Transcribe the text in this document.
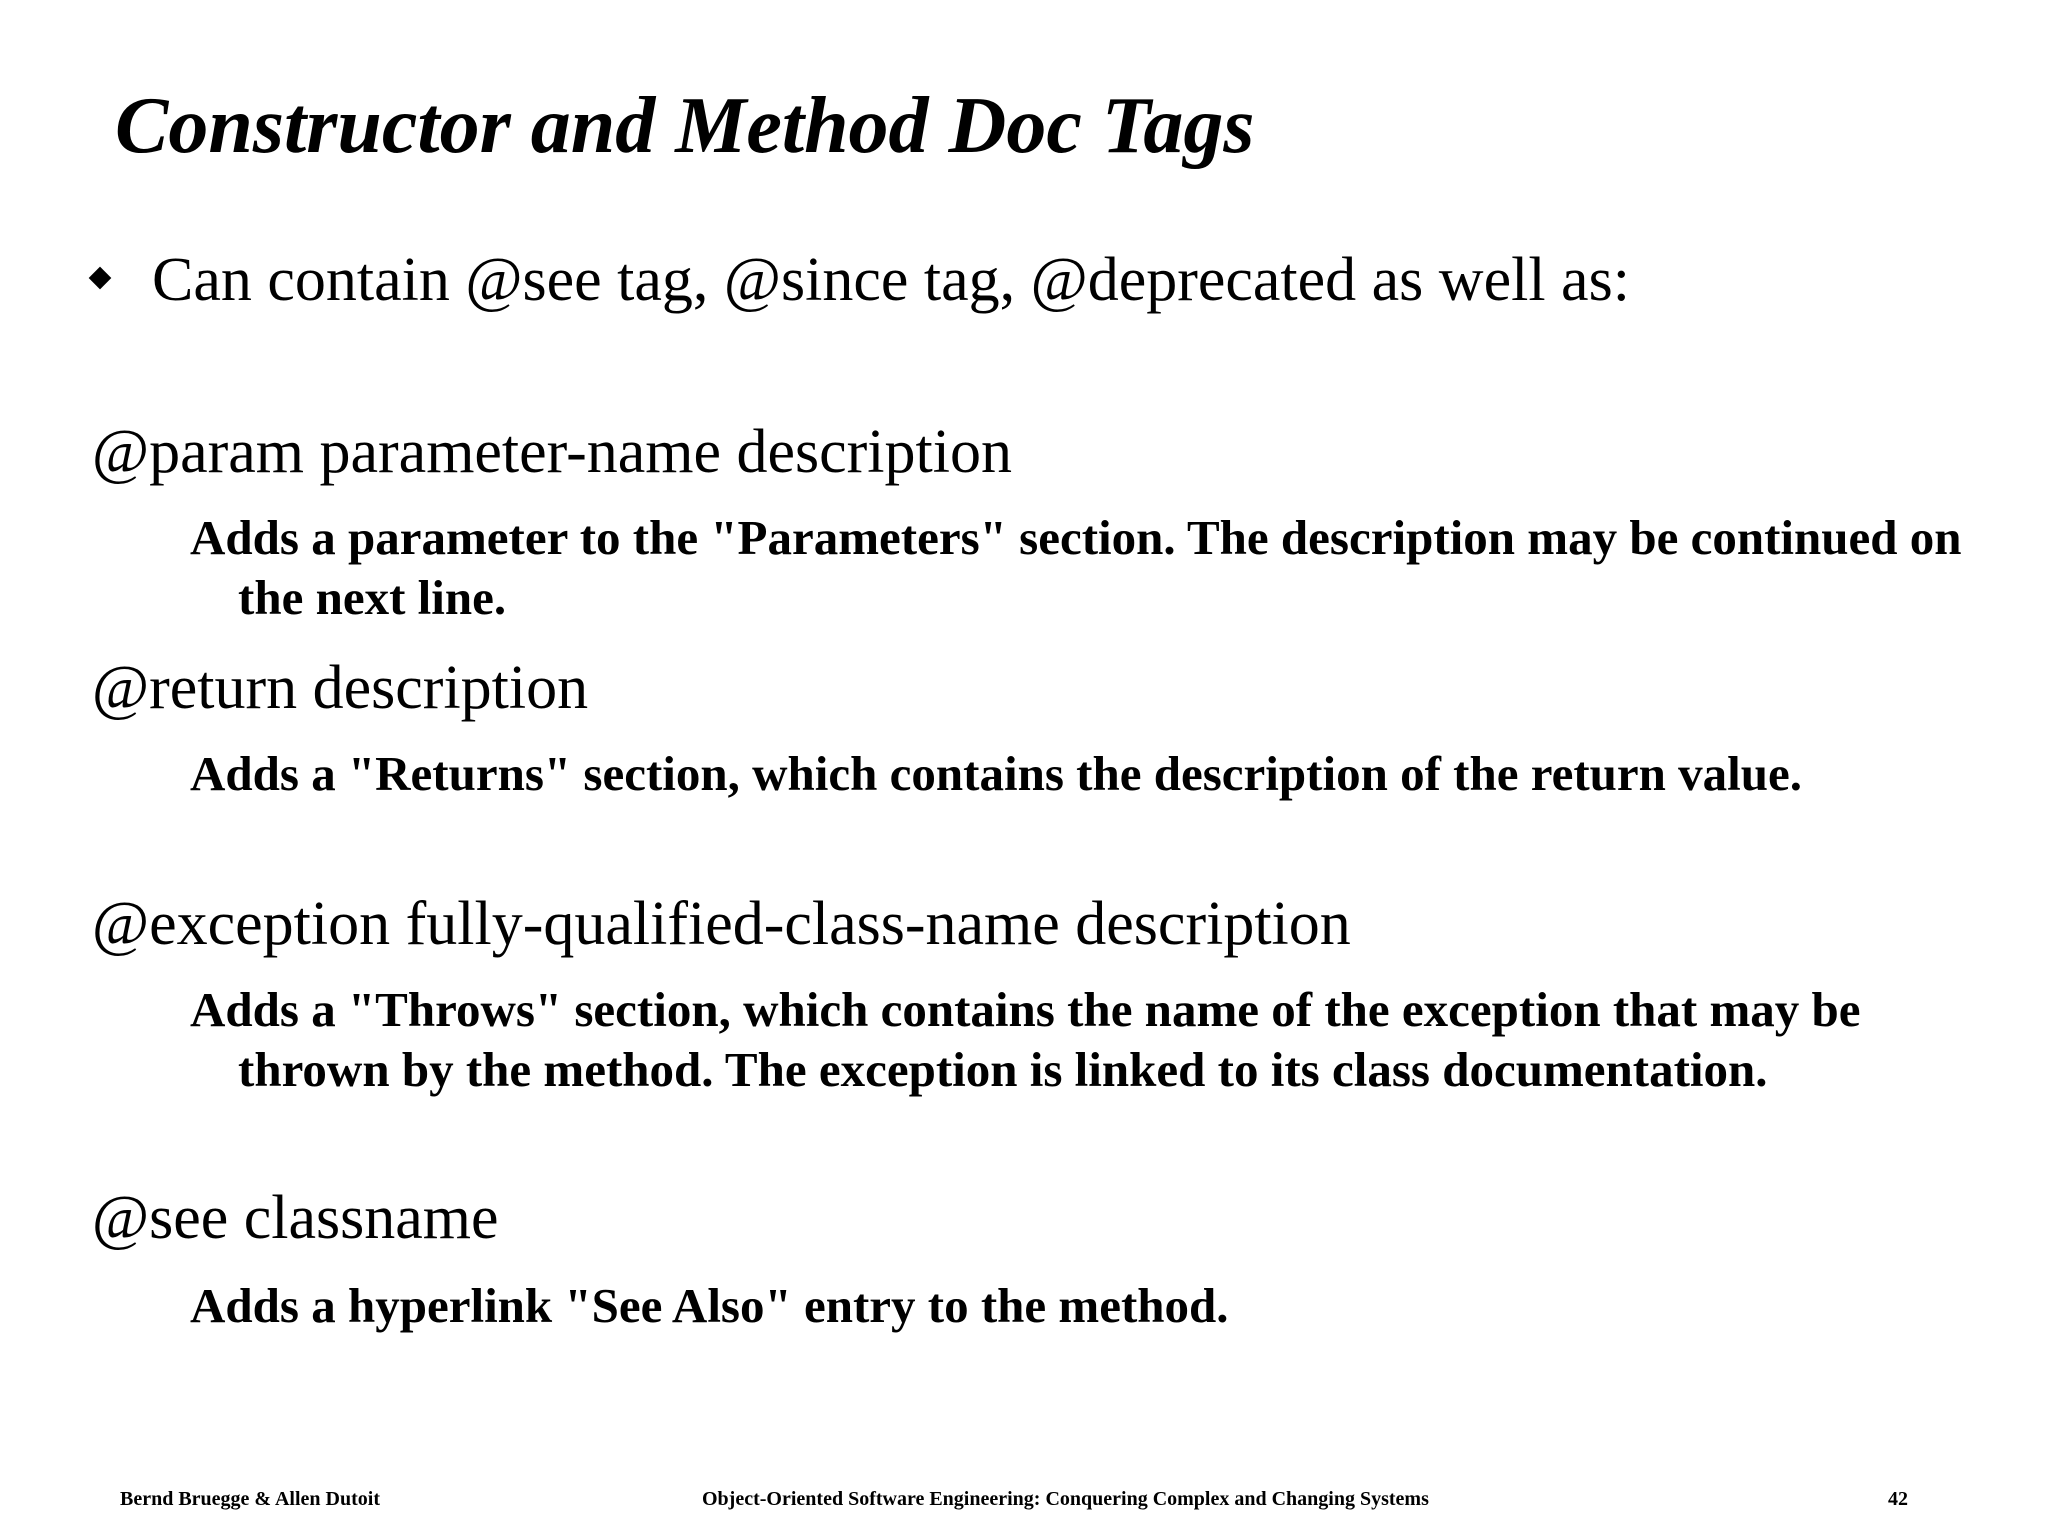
Constructor and Method Doc Tags
Can contain @see tag, @since tag, @deprecated as well as:

@param parameter-name description

Adds a parameter to the "Parameters" section. The description may be continued on the next line.

@return description

Adds a "Returns" section, which contains the description of the return value.

@exception fully-qualified-class-name description

Adds a "Throws" section, which contains the name of the exception that may be thrown by the method. The exception is linked to its class documentation.

@see classname

Adds a hyperlink "See Also" entry to the method.

Bernd Bruegge & Allen Dutoit	Object-Oriented Software Engineering: Conquering Complex and Changing Systems	42
